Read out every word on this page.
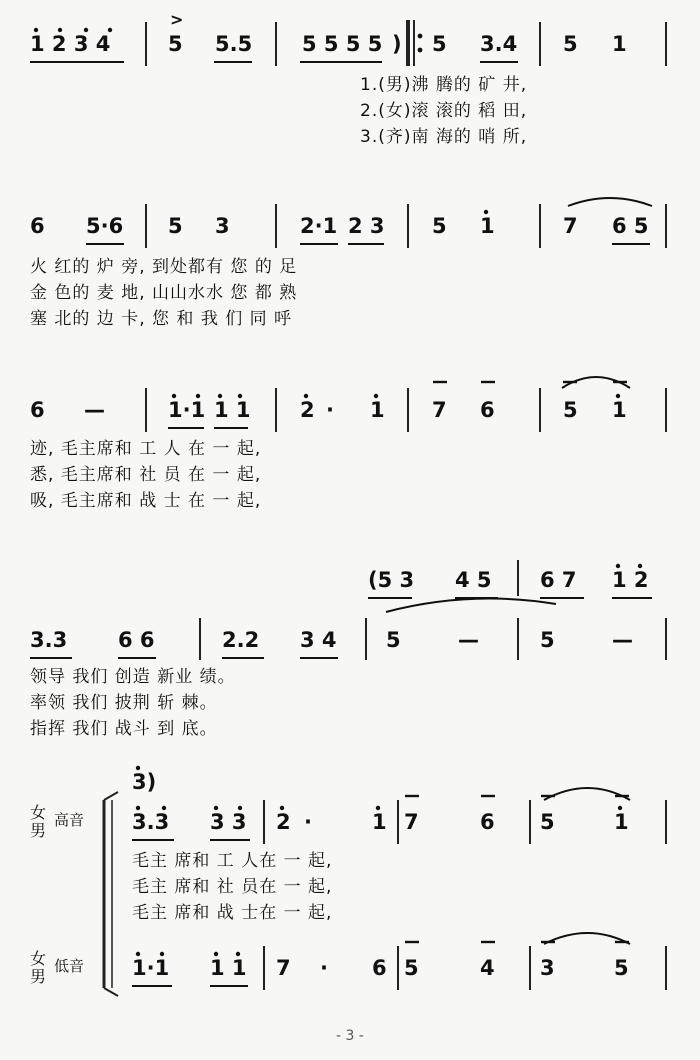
1 2 3 4
>
5 5.5 5 5 5 5 ) 5 3.4 5 1
1.(男)沸 腾的 矿 井,
2.(女)滚 滚的 稻 田,
3.(齐)南 海的 哨 所,
6 5·6 5 3	2·1 2 3 5 1	7 6 5
火 红的 炉 旁, 到处都有 您 的 足
金 色的 麦 地, 山山水水 您 都 熟
塞 北的 边 卡, 您 和 我 们 同 呼
6 —	1·1 1 1 2 · 1 7 6	5 1
迹, 毛主席和 工 人 在 一 起,
悉, 毛主席和 社 员 在 一 起,
吸, 毛主席和 战 士 在 一 起,
(5 3 4 5 6 7 1 2
3.3 6 6	2.2 3 4 5	—	5	—
领导 我们 创造 新业 绩。
率领 我们 披荆 斩 棘。
指挥 我们 战斗 到 底。
3)
女
男
高音
女
男
低音
3.3 3 3 2 ·	1 7	6 5	1
毛主 席和 工 人在 一 起,
毛主 席和 社 员在 一 起,
毛主 席和 战 士在 一 起,
1·1 1 1 7 · 6 5	4 3	5
- 3 -
